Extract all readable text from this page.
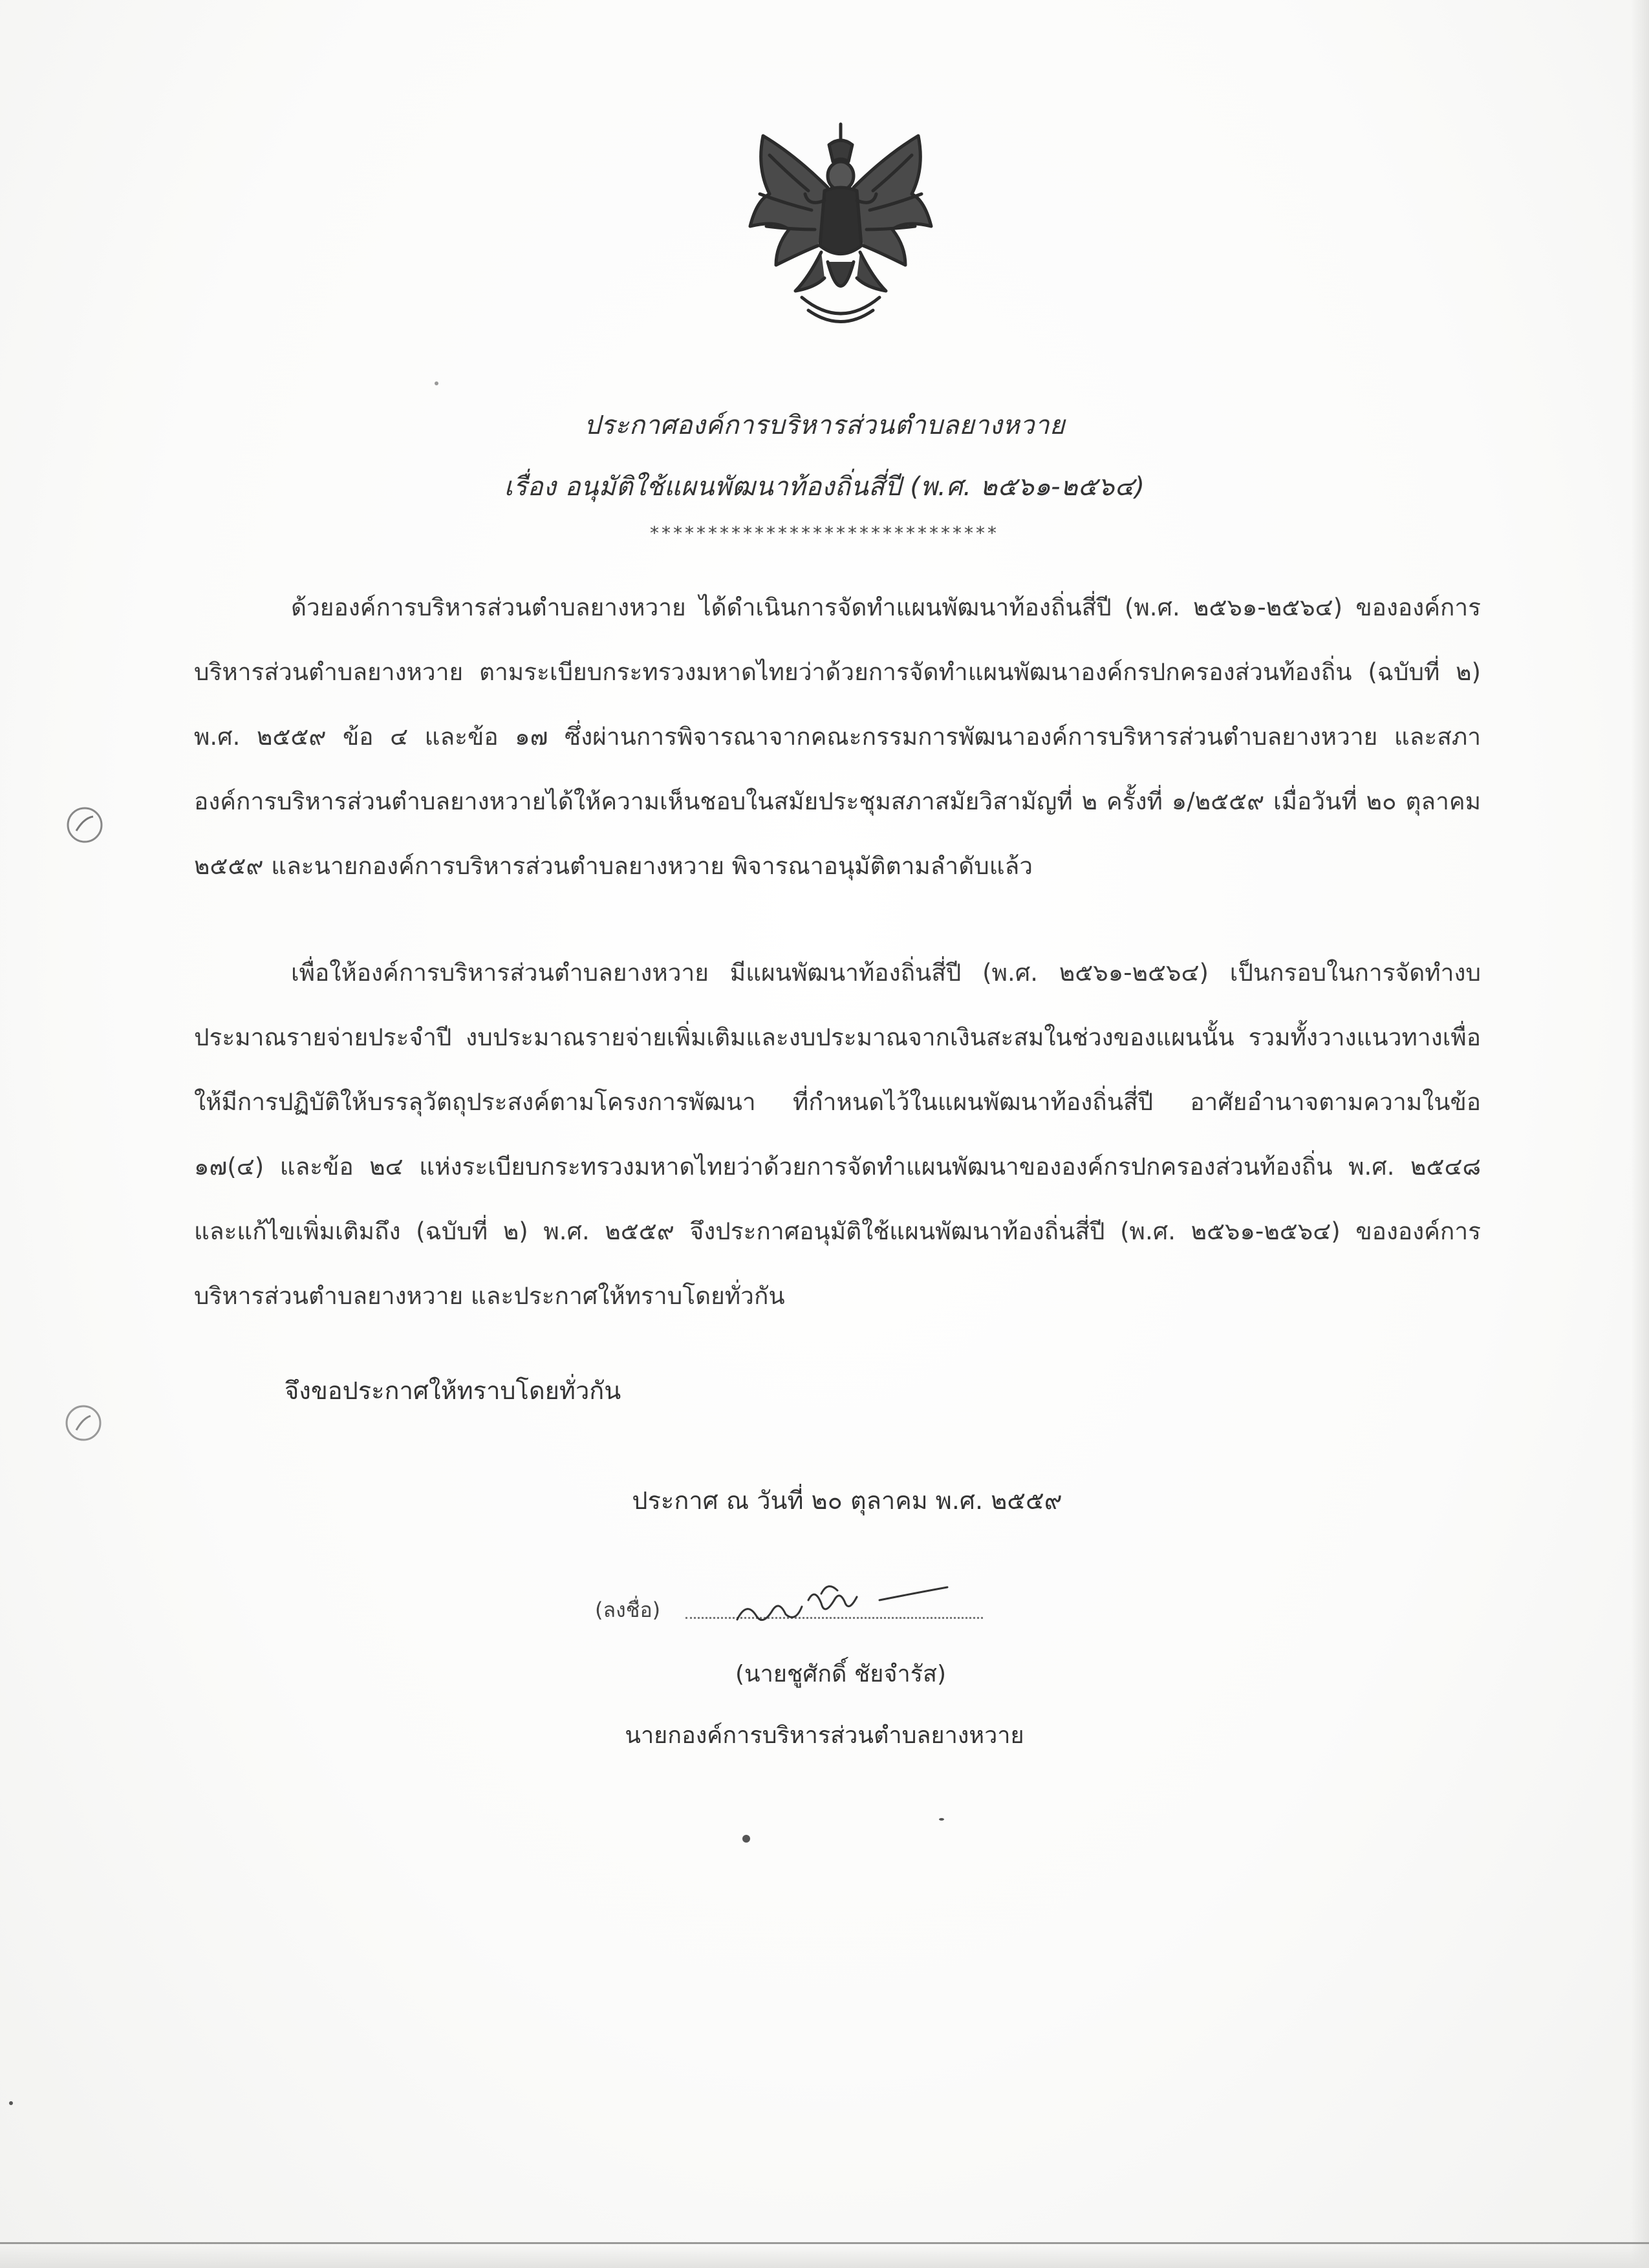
ประกาศองค์การบริหารส่วนตำบลยางหวาย
เรื่อง อนุมัติใช้แผนพัฒนาท้องถิ่นสี่ปี (พ.ศ. ๒๕๖๑-๒๕๖๔)
******************************
ด้วยองค์การบริหารส่วนตำบลยางหวาย ได้ดำเนินการจัดทำแผนพัฒนาท้องถิ่นสี่ปี (พ.ศ. ๒๕๖๑-๒๕๖๔) ขององค์การบริหารส่วนตำบลยางหวาย ตามระเบียบกระทรวงมหาดไทยว่าด้วยการจัดทำแผนพัฒนาองค์กรปกครองส่วนท้องถิ่น (ฉบับที่ ๒) พ.ศ. ๒๕๕๙ ข้อ ๔ และข้อ ๑๗ ซึ่งผ่านการพิจารณาจากคณะกรรมการพัฒนาองค์การบริหารส่วนตำบลยางหวาย และสภาองค์การบริหารส่วนตำบลยางหวายได้ให้ความเห็นชอบในสมัยประชุมสภาสมัยวิสามัญที่ ๒ ครั้งที่ ๑/๒๕๕๙ เมื่อวันที่ ๒๐ ตุลาคม ๒๕๕๙ และนายกองค์การบริหารส่วนตำบลยางหวาย พิจารณาอนุมัติตามลำดับแล้ว
เพื่อให้องค์การบริหารส่วนตำบลยางหวาย มีแผนพัฒนาท้องถิ่นสี่ปี (พ.ศ. ๒๕๖๑-๒๕๖๔) เป็นกรอบในการจัดทำงบประมาณรายจ่ายประจำปี งบประมาณรายจ่ายเพิ่มเติมและงบประมาณจากเงินสะสมในช่วงของแผนนั้น รวมทั้งวางแนวทางเพื่อให้มีการปฏิบัติให้บรรลุวัตถุประสงค์ตามโครงการพัฒนา ที่กำหนดไว้ในแผนพัฒนาท้องถิ่นสี่ปี อาศัยอำนาจตามความในข้อ ๑๗(๔) และข้อ ๒๔ แห่งระเบียบกระทรวงมหาดไทยว่าด้วยการจัดทำแผนพัฒนาขององค์กรปกครองส่วนท้องถิ่น พ.ศ. ๒๕๔๘ และแก้ไขเพิ่มเติมถึง (ฉบับที่ ๒) พ.ศ. ๒๕๕๙ จึงประกาศอนุมัติใช้แผนพัฒนาท้องถิ่นสี่ปี (พ.ศ. ๒๕๖๑-๒๕๖๔) ขององค์การบริหารส่วนตำบลยางหวาย และประกาศให้ทราบโดยทั่วกัน
จึงขอประกาศให้ทราบโดยทั่วกัน
ประกาศ ณ วันที่ ๒๐ ตุลาคม พ.ศ. ๒๕๕๙
(ลงชื่อ)
(นายชูศักดิ์ ชัยจำรัส)
นายกองค์การบริหารส่วนตำบลยางหวาย
